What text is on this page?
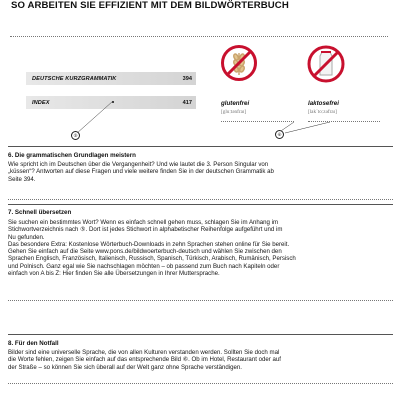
SO ARBEITEN SIE EFFIZIENT MIT DEM BILDWÖRTERBUCH
DEUTSCHE KURZGRAMMATIK	394
INDEX	417
⑤
glutenfrei
[gluːtənfraɪ]
laktosefrei
[lakˈtoːzəfraɪ]
⑥
6. Die grammatischen Grundlagen meistern

Wie spricht ich im Deutschen über die Vergangenheit? Und wie lautet die 3. Person Singular von

„küssen“? Antworten auf diese Fragen und viele weitere finden Sie in der deutschen Grammatik ab

Seite 394.

7. Schnell übersetzen

Sie suchen ein bestimmtes Wort? Wenn es einfach schnell gehen muss, schlagen Sie im Anhang im

Stichwortverzeichnis nach ⑤. Dort ist jedes Stichwort in alphabetischer Reihenfolge aufgeführt und im

Nu gefunden.

Das besondere Extra: Kostenlose Wörterbuch-Downloads in zehn Sprachen stehen online für Sie bereit.

Gehen Sie einfach auf die Seite www.pons.de/bildwoerterbuch-deutsch und wählen Sie zwischen den

Sprachen Englisch, Französisch, Italienisch, Russisch, Spanisch, Türkisch, Arabisch, Rumänisch, Persisch

und Polnisch. Ganz egal wie Sie nachschlagen möchten – ob passend zum Buch nach Kapiteln oder

einfach von A bis Z: Hier finden Sie alle Übersetzungen in Ihrer Muttersprache.

8. Für den Notfall

Bilder sind eine universelle Sprache, die von allen Kulturen verstanden werden. Sollten Sie doch mal

die Worte fehlen, zeigen Sie einfach auf das entsprechende Bild ⑥. Ob im Hotel, Restaurant oder auf

der Straße – so können Sie sich überall auf der Welt ganz ohne Sprache verständigen.
